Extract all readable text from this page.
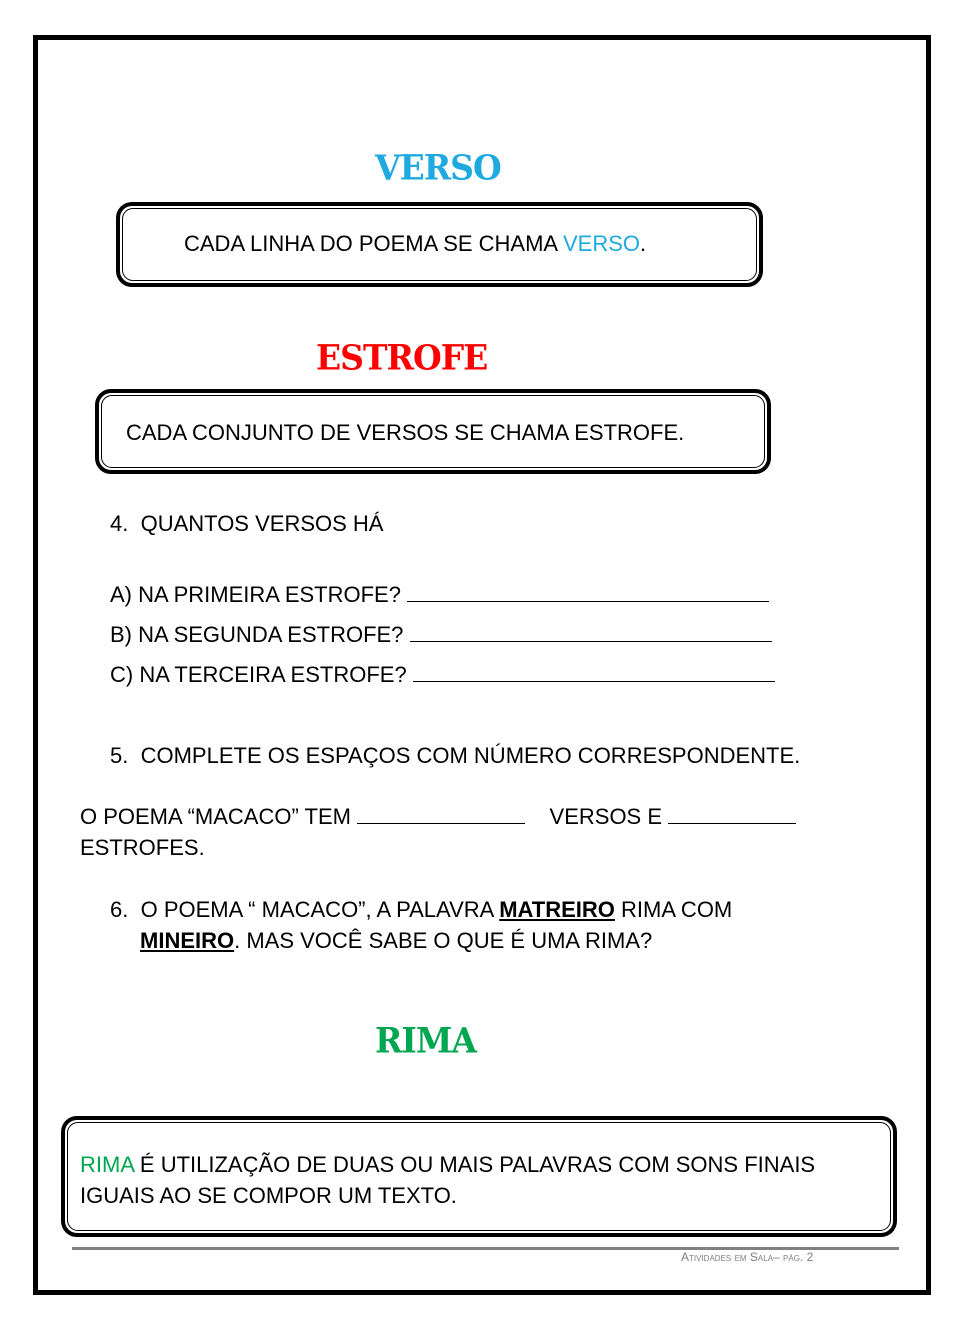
VERSO
CADA LINHA DO POEMA SE CHAMA VERSO.
ESTROFE
CADA CONJUNTO DE VERSOS SE CHAMA ESTROFE.
4. QUANTOS VERSOS HÁ
A) NA PRIMEIRA ESTROFE?
B) NA SEGUNDA ESTROFE?
C) NA TERCEIRA ESTROFE?
5. COMPLETE OS ESPAÇOS COM NÚMERO CORRESPONDENTE.
O POEMA “MACACO” TEM	VERSOS E
ESTROFES.
6. O POEMA “ MACACO”, A PALAVRA MATREIRO RIMA COM
MINEIRO. MAS VOCÊ SABE O QUE É UMA RIMA?
RIMA
RIMA É UTILIZAÇÃO DE DUAS OU MAIS PALAVRAS COM SONS FINAIS
IGUAIS AO SE COMPOR UM TEXTO.
Atividades em Sala– pág. 2
